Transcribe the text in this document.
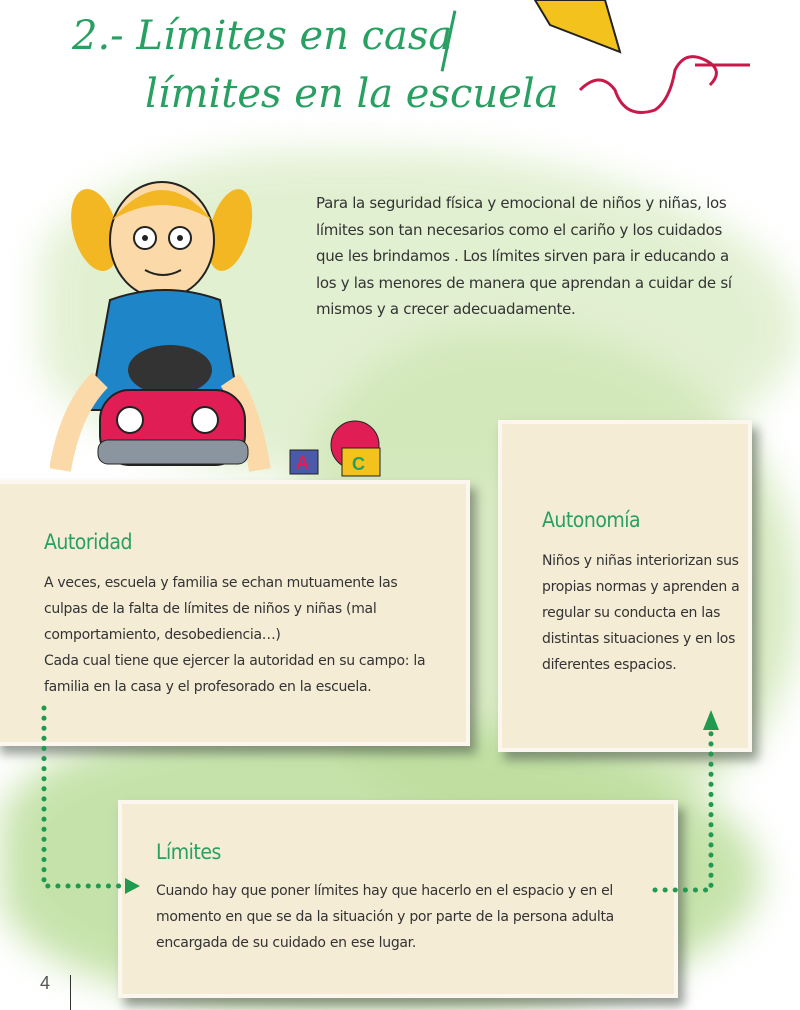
2.- Límites en casa
límites en la escuela
A C
Para la seguridad física y emocional de niños y niñas, los límites son tan necesarios como el cariño y los cuidados que les brindamos . Los límites sirven para ir educando a los y las menores de manera que aprendan a cuidar de sí mismos y a crecer adecuadamente.
Autoridad

A veces, escuela y familia se echan mutuamente las culpas de la falta de límites de niños y niñas (mal comportamiento, desobediencia…)
Cada cual tiene que ejercer la autoridad en su campo: la familia en la casa y el profesorado en la escuela.

Autonomía

Niños y niñas interiorizan sus propias normas y aprenden a regular su conducta en las distintas situaciones y en los diferentes espacios.

Límites

Cuando hay que poner límites hay que hacerlo en el espacio y en el momento en que se da la situación y por parte de la persona adulta encargada de su cuidado en ese lugar.

4
